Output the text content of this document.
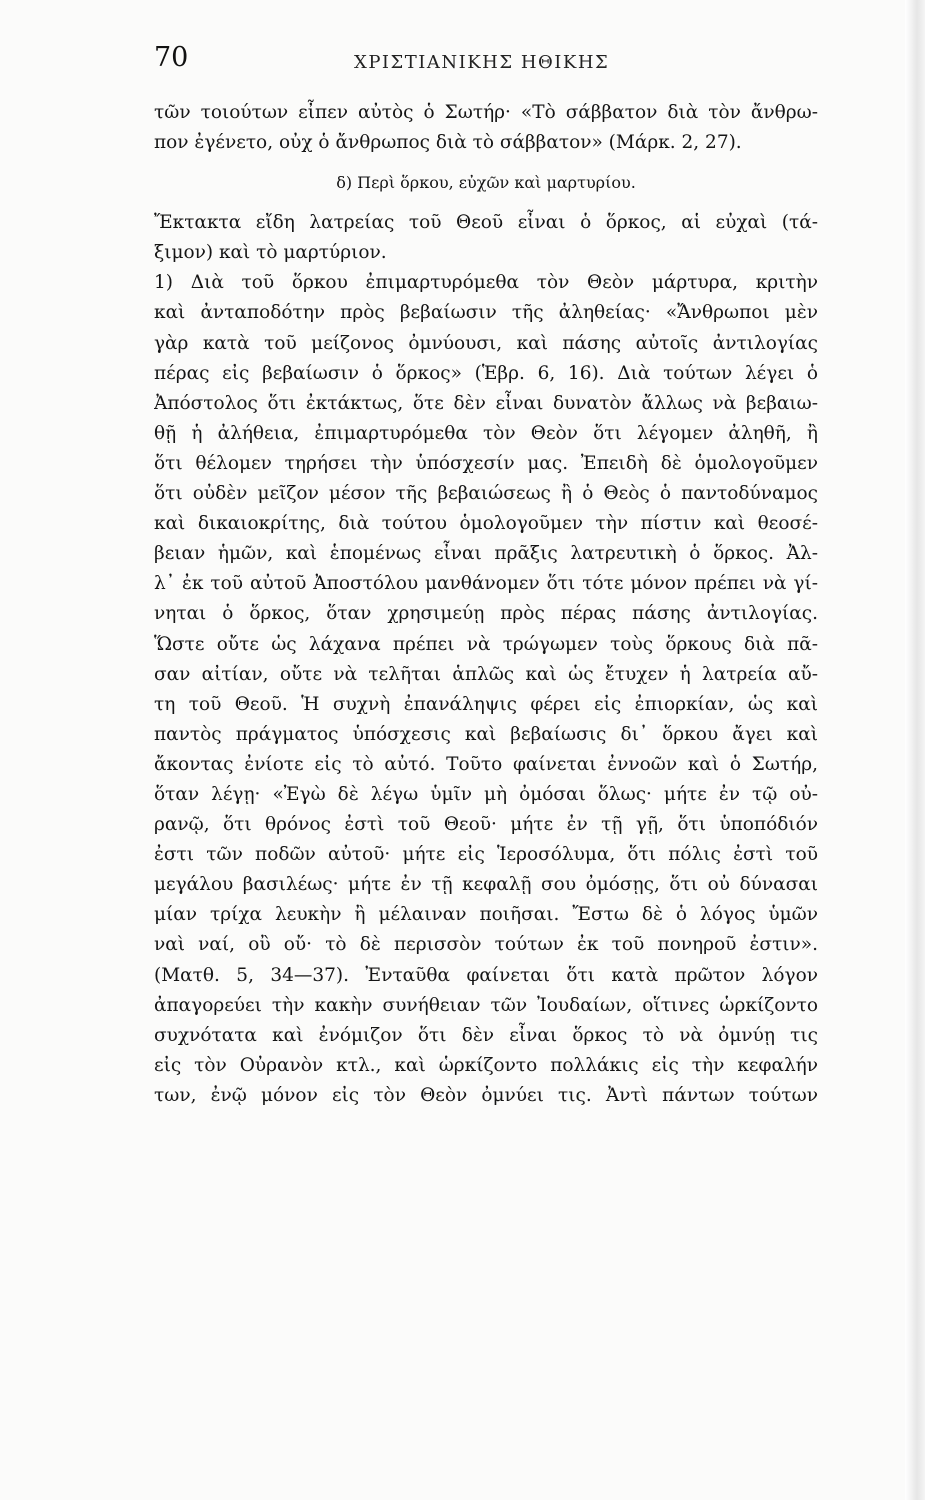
70	ΧΡΙΣΤΙΑΝΙΚΗΣ ΗΘΙΚΗΣ
τῶν τοιούτων εἶπεν αὐτὸς ὁ Σωτήρ· «Τὸ σάββατον διὰ τὸν ἄνθρω-
πον ἐγένετο, οὐχ ὁ ἄνθρωπος διὰ τὸ σάββατον» (Μάρκ. 2, 27).
δ) Περὶ ὅρκου, εὐχῶν καὶ μαρτυρίου.
Ἔκτακτα εἴδη λατρείας τοῦ Θεοῦ εἶναι ὁ ὅρκος, αἱ εὐχαὶ (τά-
ξιμον) καὶ τὸ μαρτύριον.
1) Διὰ τοῦ ὅρκου ἐπιμαρτυρόμεθα τὸν Θεὸν μάρτυρα, κριτὴν
καὶ ἀνταποδότην πρὸς βεβαίωσιν τῆς ἀληθείας· «Ἄνθρωποι μὲν
γὰρ κατὰ τοῦ μείζονος ὀμνύουσι, καὶ πάσης αὐτοῖς ἀντιλογίας
πέρας εἰς βεβαίωσιν ὁ ὅρκος» (Ἑβρ. 6, 16). Διὰ τούτων λέγει ὁ
Ἀπόστολος ὅτι ἐκτάκτως, ὅτε δὲν εἶναι δυνατὸν ἄλλως νὰ βεβαιω-
θῇ ἡ ἀλήθεια, ἐπιμαρτυρόμεθα τὸν Θεὸν ὅτι λέγομεν ἀληθῆ, ἢ
ὅτι θέλομεν τηρήσει τὴν ὑπόσχεσίν μας. Ἐπειδὴ δὲ ὁμολογοῦμεν
ὅτι οὐδὲν μεῖζον μέσον τῆς βεβαιώσεως ἢ ὁ Θεὸς ὁ παντοδύναμος
καὶ δικαιοκρίτης, διὰ τούτου ὁμολογοῦμεν τὴν πίστιν καὶ θεοσέ-
βειαν ἡμῶν, καὶ ἑπομένως εἶναι πρᾶξις λατρευτικὴ ὁ ὅρκος. Ἀλ-
λ᾽ ἐκ τοῦ αὐτοῦ Ἀποστόλου μανθάνομεν ὅτι τότε μόνον πρέπει νὰ γί-
νηται ὁ ὅρκος, ὅταν χρησιμεύῃ πρὸς πέρας πάσης ἀντιλογίας.
Ὥστε οὔτε ὡς λάχανα πρέπει νὰ τρώγωμεν τοὺς ὅρκους διὰ πᾶ-
σαν αἰτίαν, οὔτε νὰ τελῆται ἁπλῶς καὶ ὡς ἔτυχεν ἡ λατρεία αὔ-
τη τοῦ Θεοῦ. Ἡ συχνὴ ἐπανάληψις φέρει εἰς ἐπιορκίαν, ὡς καὶ
παντὸς πράγματος ὑπόσχεσις καὶ βεβαίωσις δι᾽ ὅρκου ἄγει καὶ
ἄκοντας ἐνίοτε εἰς τὸ αὐτό. Τοῦτο φαίνεται ἐννοῶν καὶ ὁ Σωτήρ,
ὅταν λέγῃ· «Ἐγὼ δὲ λέγω ὑμῖν μὴ ὀμόσαι ὅλως· μήτε ἐν τῷ οὐ-
ρανῷ, ὅτι θρόνος ἐστὶ τοῦ Θεοῦ· μήτε ἐν τῇ γῇ, ὅτι ὑποπόδιόν
ἐστι τῶν ποδῶν αὐτοῦ· μήτε εἰς Ἱεροσόλυμα, ὅτι πόλις ἐστὶ τοῦ
μεγάλου βασιλέως· μήτε ἐν τῇ κεφαλῇ σου ὀμόσῃς, ὅτι οὐ δύνασαι
μίαν τρίχα λευκὴν ἢ μέλαιναν ποιῆσαι. Ἔστω δὲ ὁ λόγος ὑμῶν
ναὶ ναί, οὒ οὔ· τὸ δὲ περισσὸν τούτων ἐκ τοῦ πονηροῦ ἐστιν».
(Ματθ. 5, 34—37). Ἐνταῦθα φαίνεται ὅτι κατὰ πρῶτον λόγον
ἀπαγορεύει τὴν κακὴν συνήθειαν τῶν Ἰουδαίων, οἵτινες ὡρκίζοντο
συχνότατα καὶ ἐνόμιζον ὅτι δὲν εἶναι ὅρκος τὸ νὰ ὀμνύῃ τις
εἰς τὸν Οὐρανὸν κτλ., καὶ ὡρκίζοντο πολλάκις εἰς τὴν κεφαλήν
των, ἐνῷ μόνον εἰς τὸν Θεὸν ὀμνύει τις. Ἀντὶ πάντων τούτων
